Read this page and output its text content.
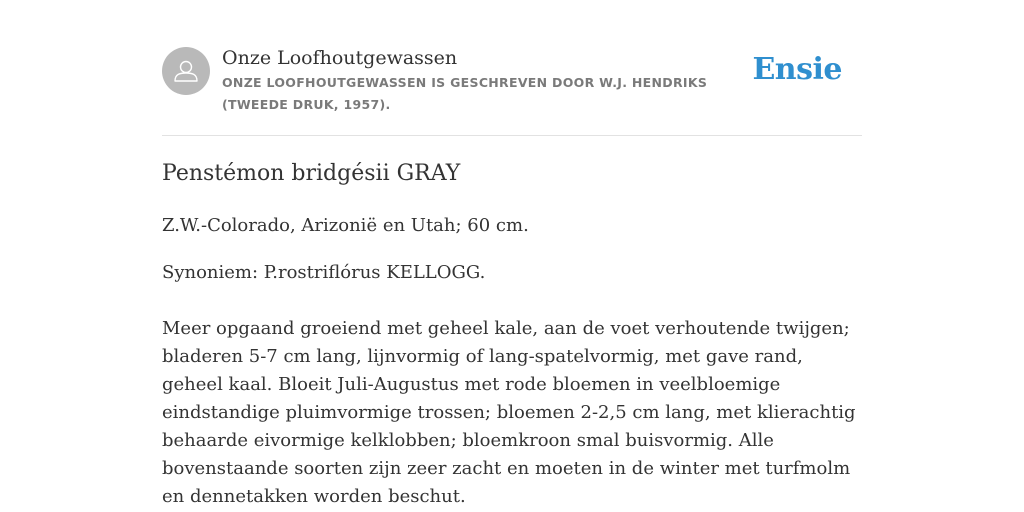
Onze Loofhoutgewassen
ONZE LOOFHOUTGEWASSEN IS GESCHREVEN DOOR W.J. HENDRIKS (TWEEDE DRUK, 1957).
Ensie
Penstémon bridgésii GRAY

Z.W.-Colorado, Arizonië en Utah; 60 cm.

Synoniem: P.rostriflórus KELLOGG.

Meer opgaand groeiend met geheel kale, aan de voet verhoutende twijgen; bladeren 5-7 cm lang, lijnvormig of lang-spatelvormig, met gave rand, geheel kaal. Bloeit Juli-Augustus met rode bloemen in veelbloemige eindstandige pluimvormige trossen; bloemen 2-2,5 cm lang, met klierachtig behaarde eivormige kelklobben; bloemkroon smal buisvormig. Alle bovenstaande soorten zijn zeer zacht en moeten in de winter met turfmolm en dennetakken worden beschut.
